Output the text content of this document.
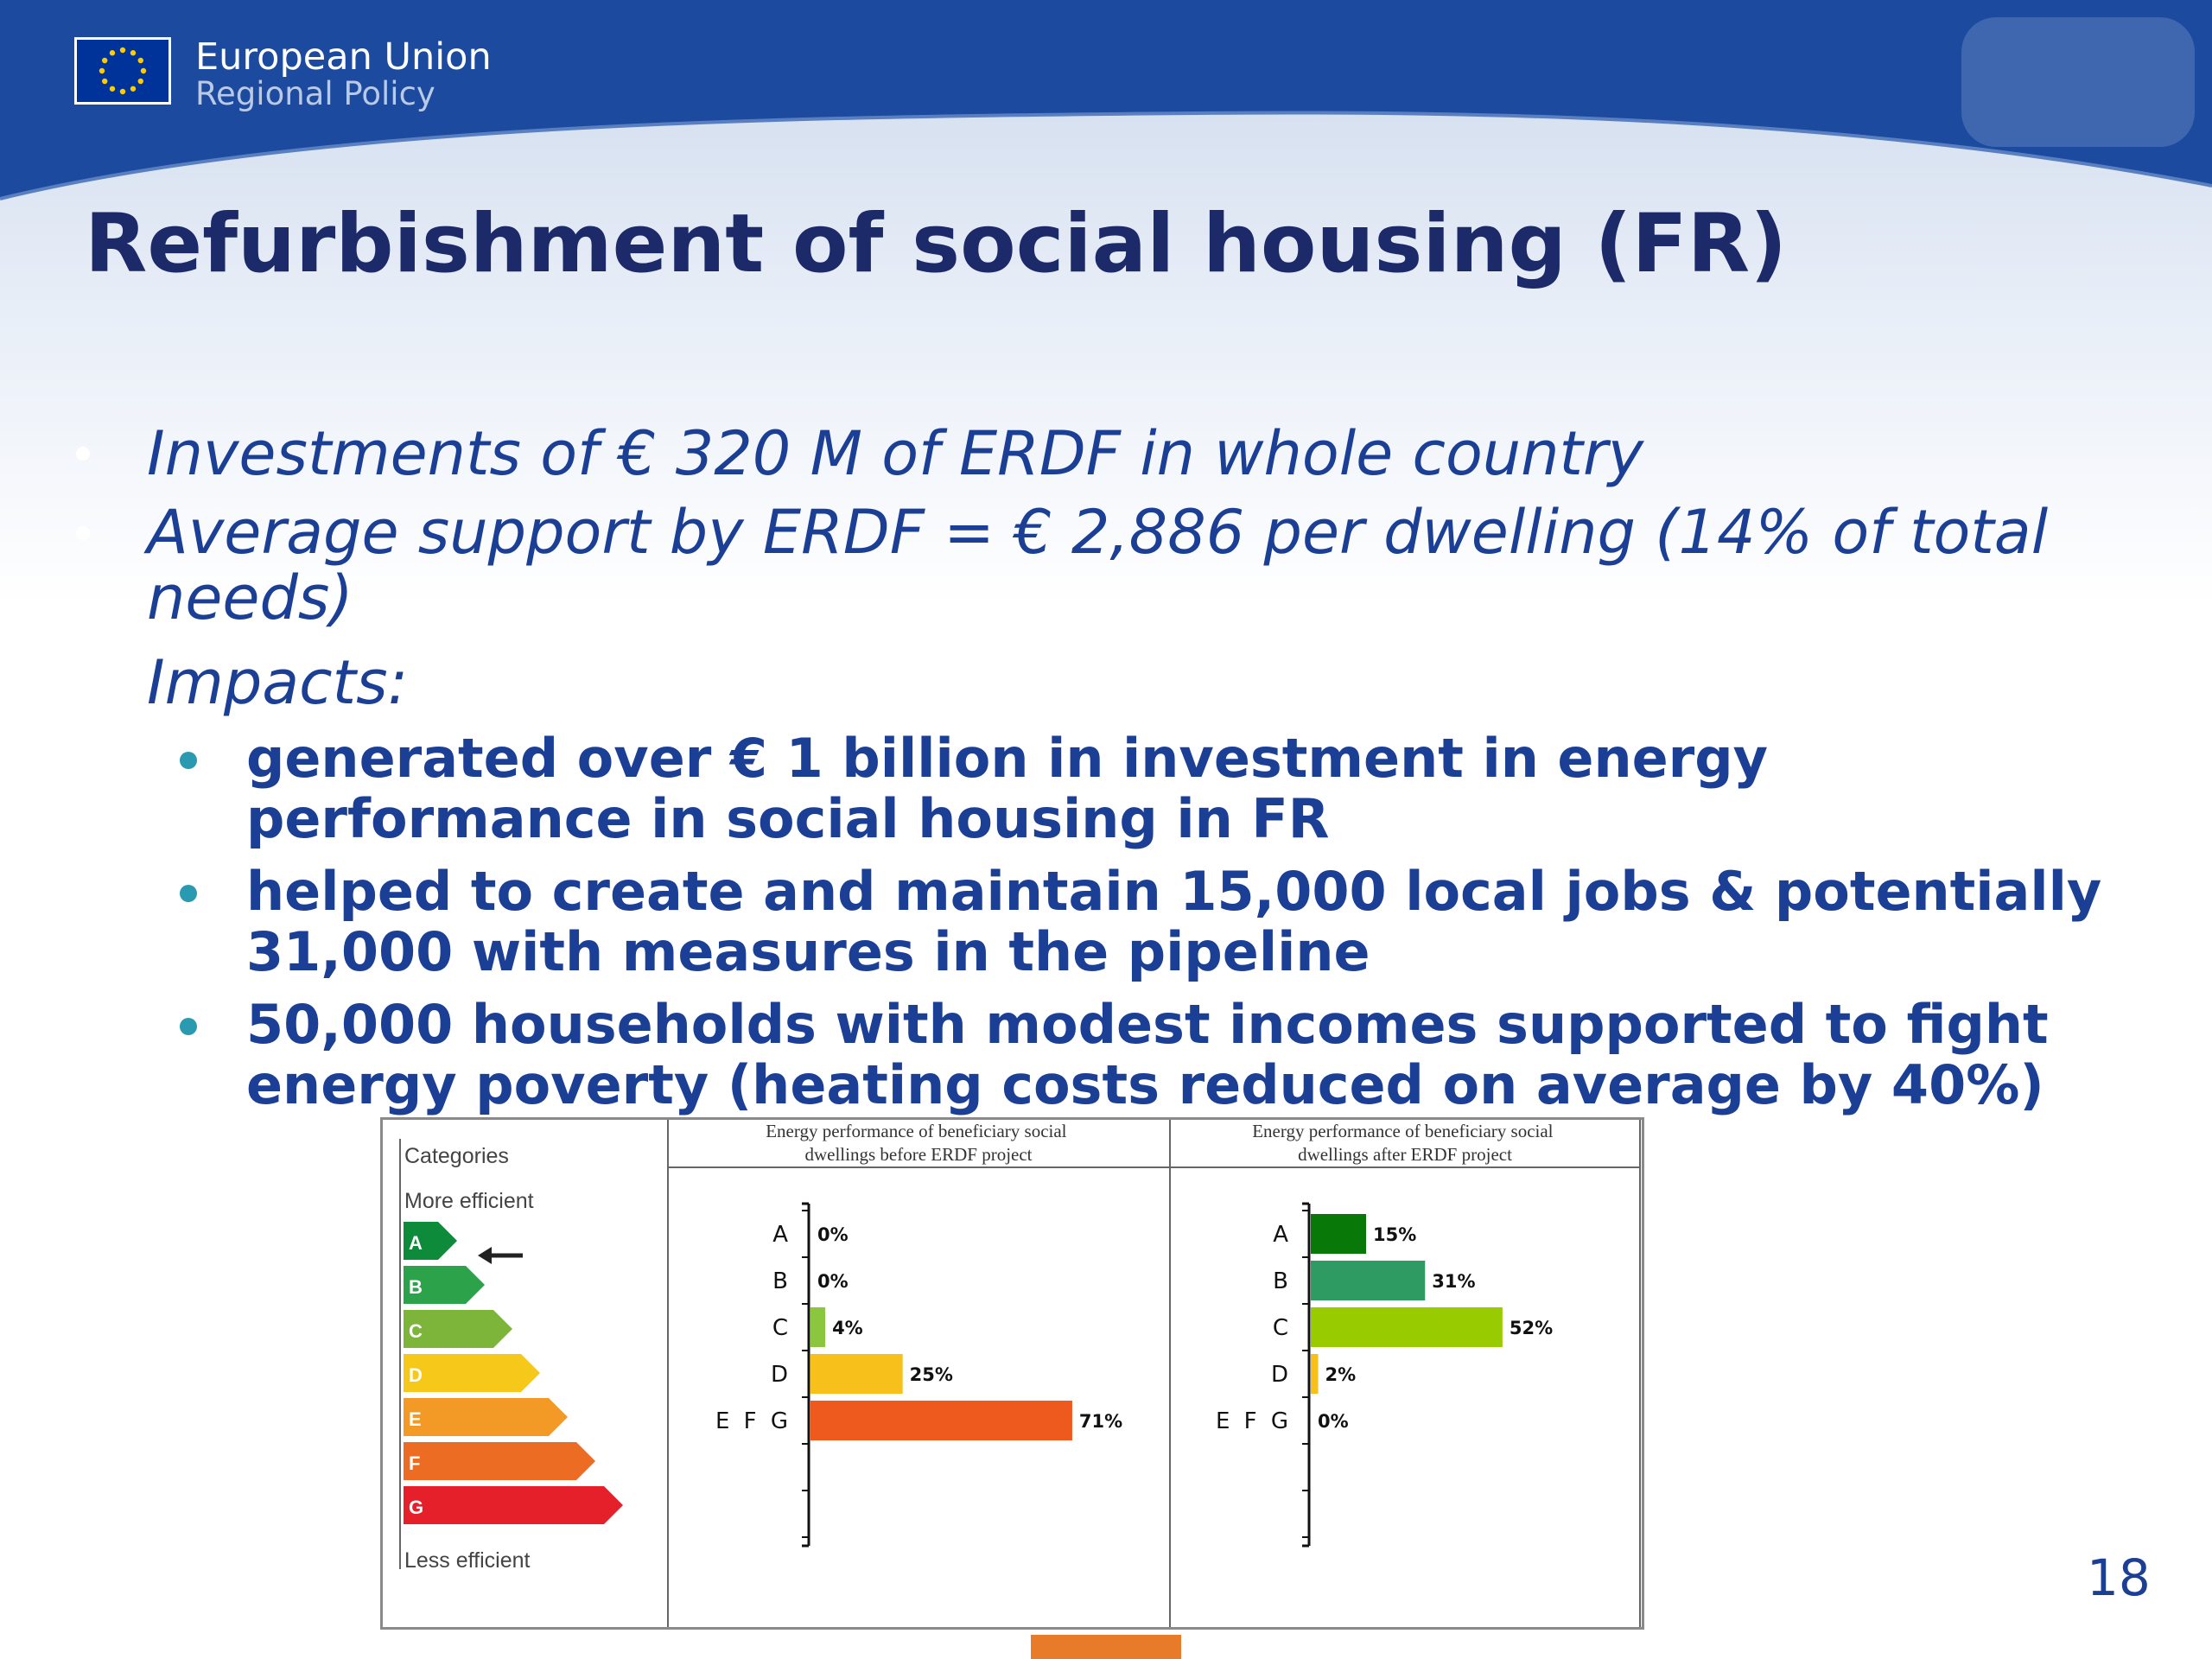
European Union
Regional Policy
Refurbishment of social housing (FR)
Investments of € 320 M of ERDF in whole country
Average support by ERDF = € 2,886 per dwelling (14% of total needs)
Impacts:
generated over € 1 billion in investment in energy
performance in social housing in FR
helped to create and maintain 15,000 local jobs & potentially
31,000 with measures in the pipeline
50,000 households with modest incomes supported to fight
energy poverty (heating costs reduced on average by 40%)
Categories
More efficient
Less efficient
A
B
C
D
E
F
G
Energy performance of beneficiary social dwellings before ERDF project
Energy performance of beneficiary social dwellings after ERDF project
A 0%
B 0%
C 4%
D	25%
E F G	71%
A	15%
B	31%
C	52%
D 2%
E F G 0%
18
